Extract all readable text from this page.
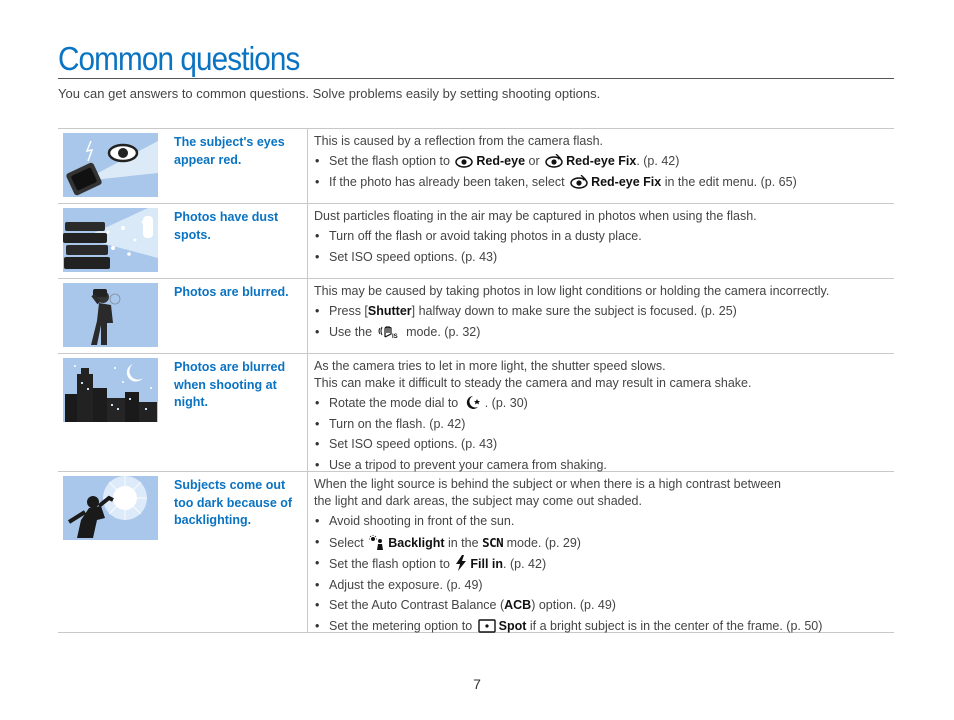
Common questions
You can get answers to common questions. Solve problems easily by setting shooting options.
The subject's eyes appear red.
This is caused by a reflection from the camera flash.
• Set the flash option to Red-eye or Red-eye Fix. (p. 42)
• If the photo has already been taken, select Red-eye Fix in the edit menu. (p. 65)
Photos have dust spots.
Dust particles floating in the air may be captured in photos when using the flash.
• Turn off the flash or avoid taking photos in a dusty place.
• Set ISO speed options. (p. 43)
Photos are blurred.	This may be caused by taking photos in low light conditions or holding the camera incorrectly.
• Press [Shutter] halfway down to make sure the subject is focused. (p. 25)
• Use the	IS mode. (p. 32)
Photos are blurred when shooting at night.
As the camera tries to let in more light, the shutter speed slows.
This can make it difficult to steady the camera and may result in camera shake.
• Rotate the mode dial to . (p. 30)
• Turn on the flash. (p. 42)
• Set ISO speed options. (p. 43)
• Use a tripod to prevent your camera from shaking.
Subjects come out too dark because of backlighting.
When the light source is behind the subject or when there is a high contrast between
the light and dark areas, the subject may come out shaded.
• Avoid shooting in front of the sun.
• Select Backlight in the SCN mode. (p. 29)
• Set the flash option to Fill in. (p. 42)
• Adjust the exposure. (p. 49)
• Set the Auto Contrast Balance (ACB) option. (p. 49)
• Set the metering option to Spot if a bright subject is in the center of the frame. (p. 50)
7
